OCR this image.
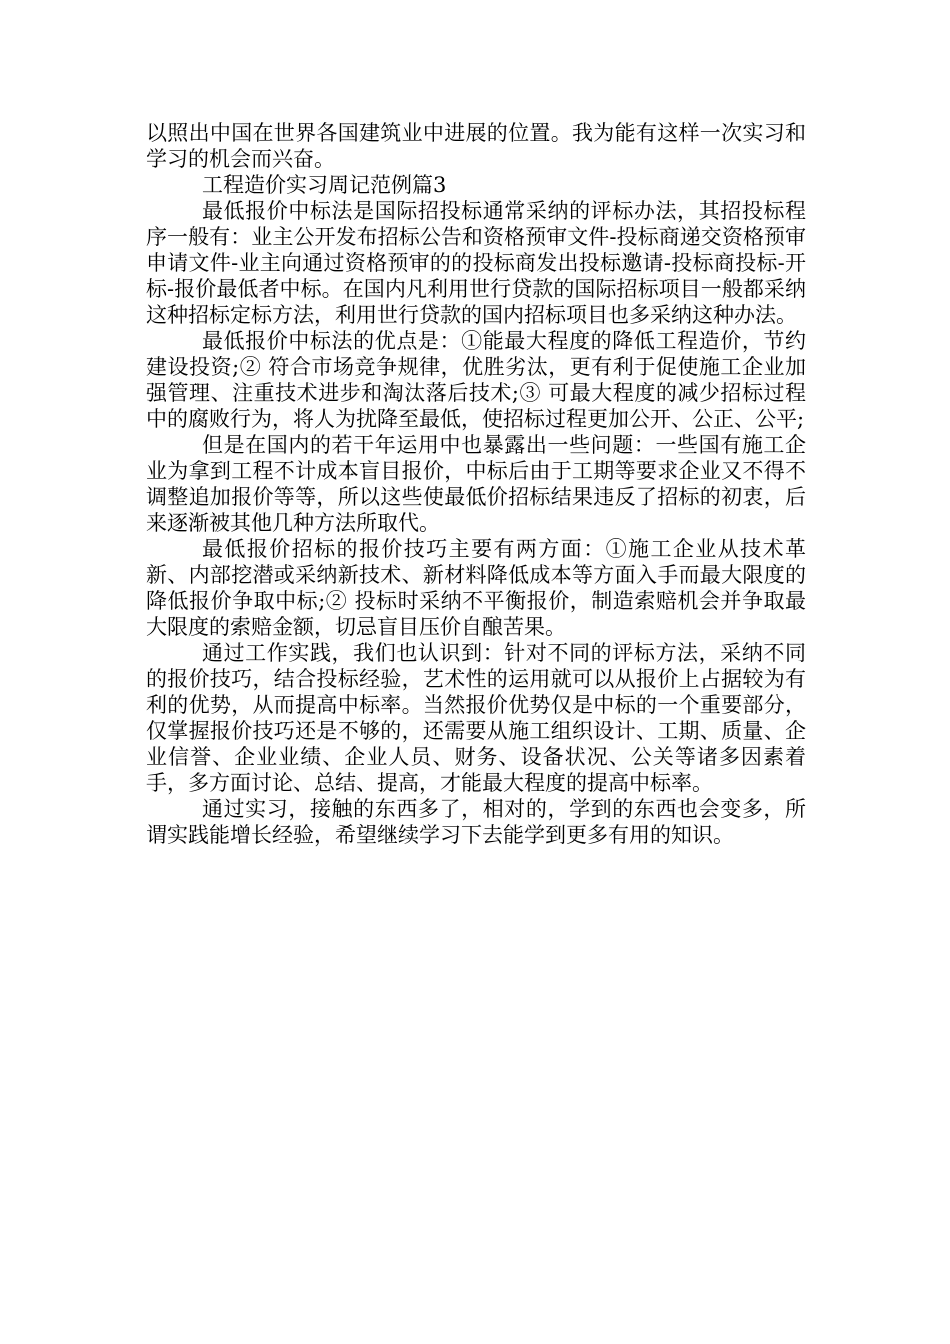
以照出中国在世界各国建筑业中进展的位置。我为能有这样一次实习和学习的机会而兴奋。

工程造价实习周记范例篇3

最低报价中标法是国际招投标通常采纳的评标办法，其招投标程序一般有：业主公开发布招标公告和资格预审文件-投标商递交资格预审申请文件-业主向通过资格预审的的投标商发出投标邀请-投标商投标-开标-报价最低者中标。在国内凡利用世行贷款的国际招标项目一般都采纳这种招标定标方法，利用世行贷款的国内招标项目也多采纳这种办法。

最低报价中标法的优点是：①能最大程度的降低工程造价，节约建设投资;② 符合市场竞争规律，优胜劣汰，更有利于促使施工企业加强管理、注重技术进步和淘汰落后技术;③ 可最大程度的减少招标过程中的腐败行为，将人为扰降至最低，使招标过程更加公开、公正、公平;

但是在国内的若干年运用中也暴露出一些问题：一些国有施工企业为拿到工程不计成本盲目报价，中标后由于工期等要求企业又不得不调整追加报价等等，所以这些使最低价招标结果违反了招标的初衷，后来逐渐被其他几种方法所取代。

最低报价招标的报价技巧主要有两方面：①施工企业从技术革新、内部挖潜或采纳新技术、新材料降低成本等方面入手而最大限度的降低报价争取中标;② 投标时采纳不平衡报价，制造索赔机会并争取最大限度的索赔金额，切忌盲目压价自酿苦果。

通过工作实践，我们也认识到：针对不同的评标方法，采纳不同的报价技巧，结合投标经验，艺术性的运用就可以从报价上占据较为有利的优势，从而提高中标率。当然报价优势仅是中标的一个重要部分，仅掌握报价技巧还是不够的，还需要从施工组织设计、工期、质量、企业信誉、企业业绩、企业人员、财务、设备状况、公关等诸多因素着手，多方面讨论、总结、提高，才能最大程度的提高中标率。

通过实习，接触的东西多了，相对的，学到的东西也会变多，所谓实践能增长经验，希望继续学习下去能学到更多有用的知识。
